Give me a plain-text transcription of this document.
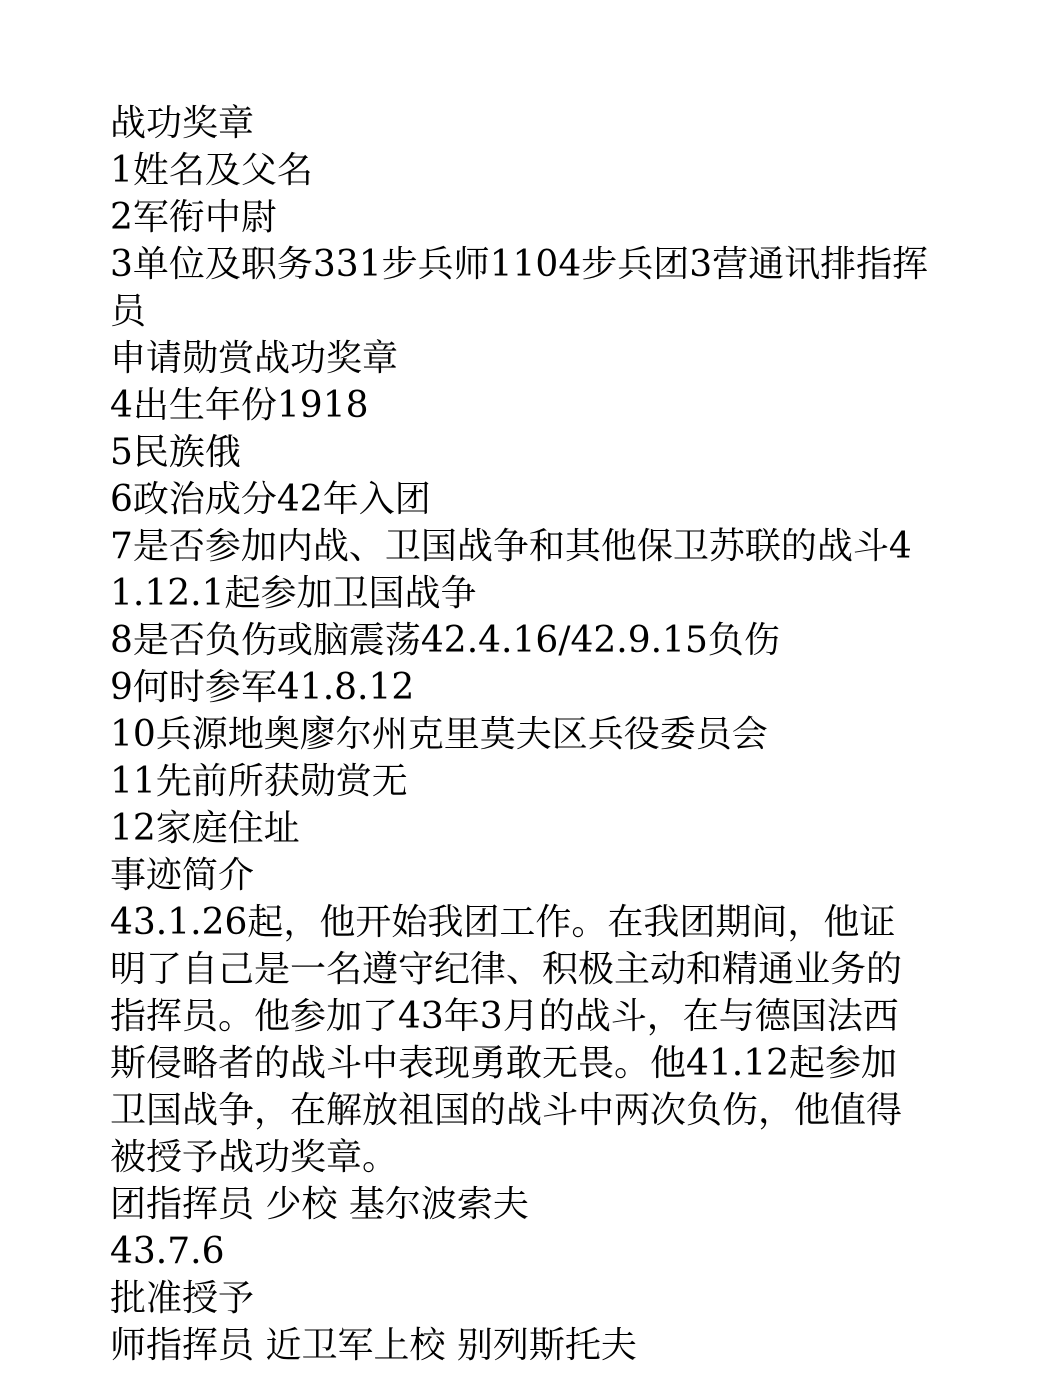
战功奖章
1姓名及父名
2军衔中尉
3单位及职务331步兵师1104步兵团3营通讯排指挥员
申请勋赏战功奖章
4出生年份1918
5民族俄
6政治成分42年入团
7是否参加内战、卫国战争和其他保卫苏联的战斗41.12.1起参加卫国战争
8是否负伤或脑震荡42.4.16/42.9.15负伤
9何时参军41.8.12
10兵源地奥廖尔州克里莫夫区兵役委员会
11先前所获勋赏无
12家庭住址
事迹简介
43.1.26起，他开始我团工作。在我团期间，他证明了自己是一名遵守纪律、积极主动和精通业务的指挥员。他参加了43年3月的战斗，在与德国法西斯侵略者的战斗中表现勇敢无畏。他41.12起参加卫国战争，在解放祖国的战斗中两次负伤，他值得被授予战功奖章。
团指挥员 少校 基尔波索夫
43.7.6
批准授予
师指挥员 近卫军上校 别列斯托夫
